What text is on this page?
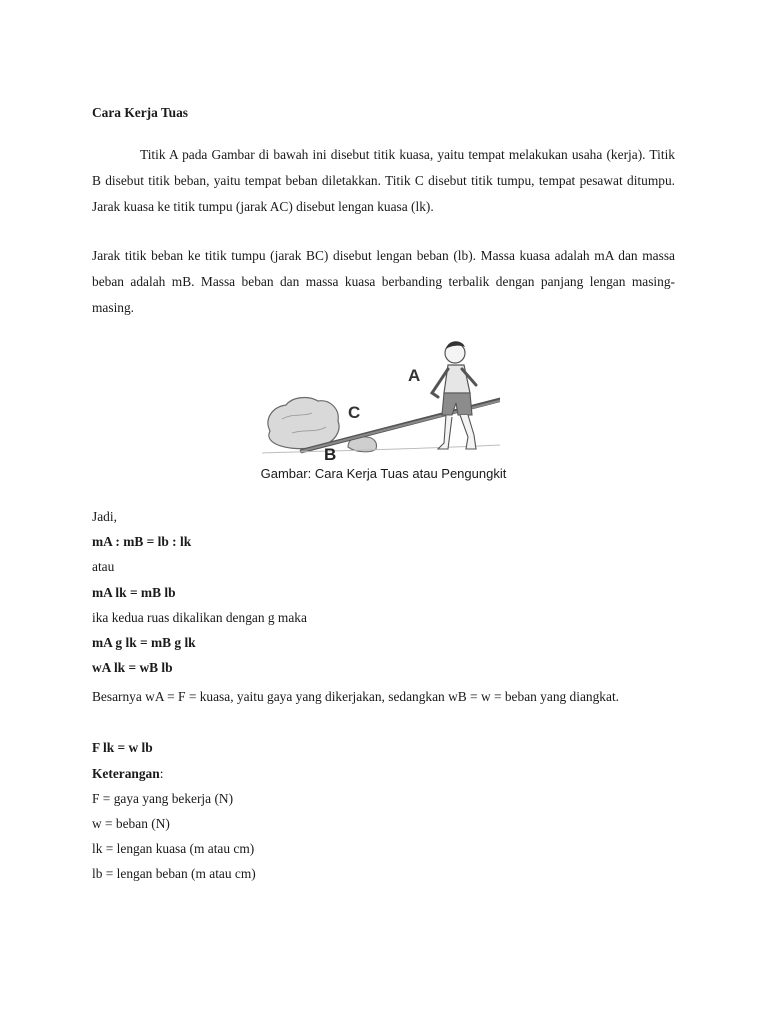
Cara Kerja Tuas

Titik A pada Gambar di bawah ini disebut titik kuasa, yaitu tempat melakukan usaha (kerja). Titik B disebut titik beban, yaitu tempat beban diletakkan. Titik C disebut titik tumpu, tempat pesawat ditumpu. Jarak kuasa ke titik tumpu (jarak AC) disebut lengan kuasa (lk).

Jarak titik beban ke titik tumpu (jarak BC) disebut lengan beban (lb). Massa kuasa adalah mA dan massa beban adalah mB. Massa beban dan massa kuasa berbanding terbalik dengan panjang lengan masing-masing.

A
C
B
Gambar: Cara Kerja Tuas atau Pengungkit
Jadi,
mA : mB = lb : lk
atau
mA lk = mB lb
ika kedua ruas dikalikan dengan g maka
mA g lk = mB g lk
wA lk = wB lb

Besarnya wA = F = kuasa, yaitu gaya yang dikerjakan, sedangkan wB = w = beban yang diangkat.

F lk = w lb
Keterangan:
F = gaya yang bekerja (N)
w = beban (N)
lk = lengan kuasa (m atau cm)
lb = lengan beban (m atau cm)
